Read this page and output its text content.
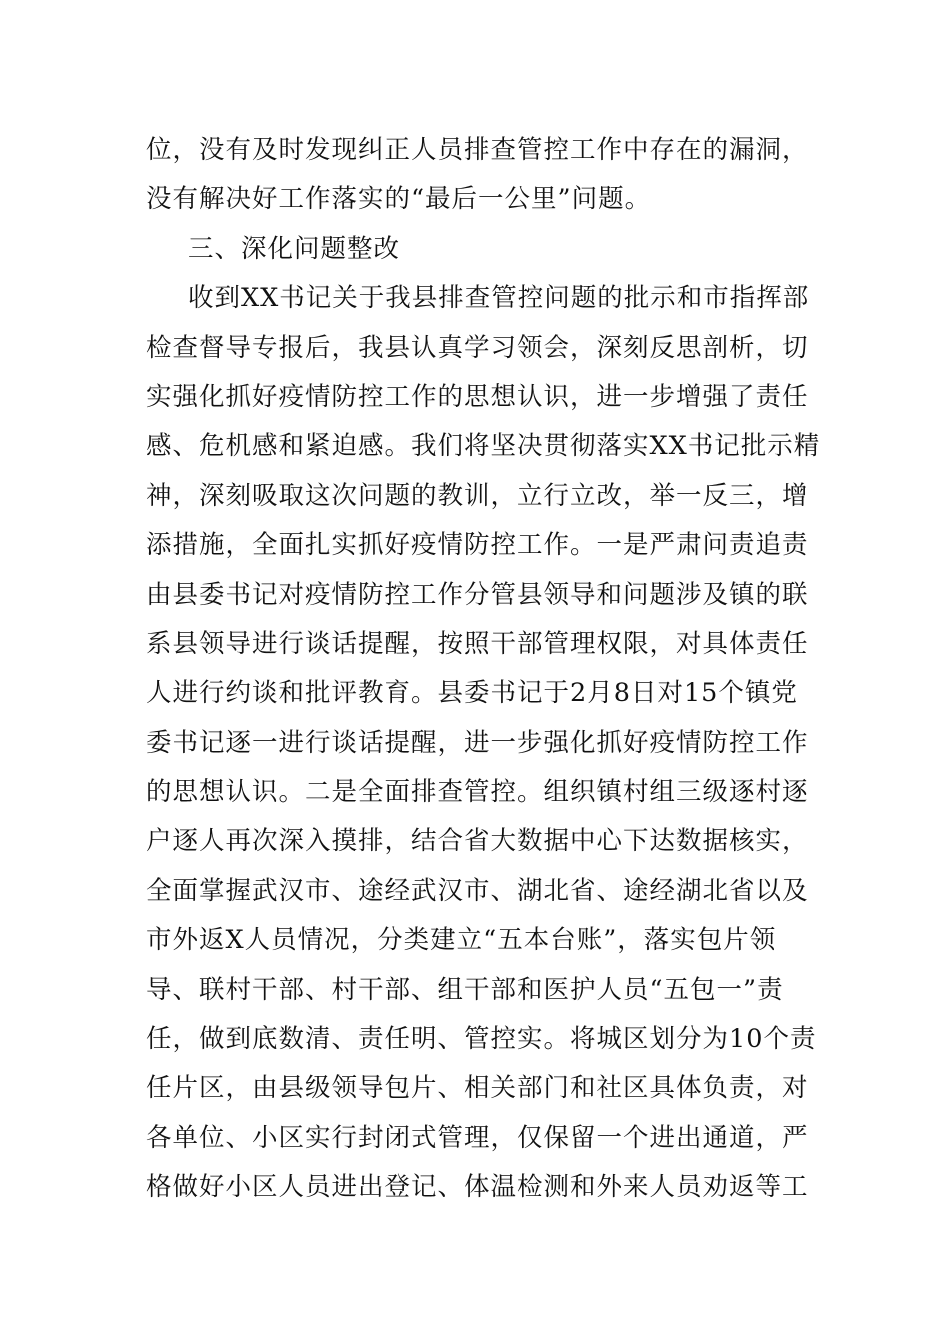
位，没有及时发现纠正人员排查管控工作中存在的漏洞，
没有解决好工作落实的“最后一公里”问题。
三、深化问题整改
收到XX书记关于我县排查管控问题的批示和市指挥部
检查督导专报后，我县认真学习领会，深刻反思剖析，切
实强化抓好疫情防控工作的思想认识，进一步增强了责任
感、危机感和紧迫感。我们将坚决贯彻落实XX书记批示精
神，深刻吸取这次问题的教训，立行立改，举一反三，增
添措施，全面扎实抓好疫情防控工作。一是严肃问责追责
由县委书记对疫情防控工作分管县领导和问题涉及镇的联
系县领导进行谈话提醒，按照干部管理权限，对具体责任
人进行约谈和批评教育。县委书记于2月8日对15个镇党
委书记逐一进行谈话提醒，进一步强化抓好疫情防控工作
的思想认识。二是全面排查管控。组织镇村组三级逐村逐
户逐人再次深入摸排，结合省大数据中心下达数据核实，
全面掌握武汉市、途经武汉市、湖北省、途经湖北省以及
市外返X人员情况，分类建立“五本台账”，落实包片领
导、联村干部、村干部、组干部和医护人员“五包一”责
任，做到底数清、责任明、管控实。将城区划分为10个责
任片区，由县级领导包片、相关部门和社区具体负责，对
各单位、小区实行封闭式管理，仅保留一个进出通道，严
格做好小区人员进出登记、体温检测和外来人员劝返等工
